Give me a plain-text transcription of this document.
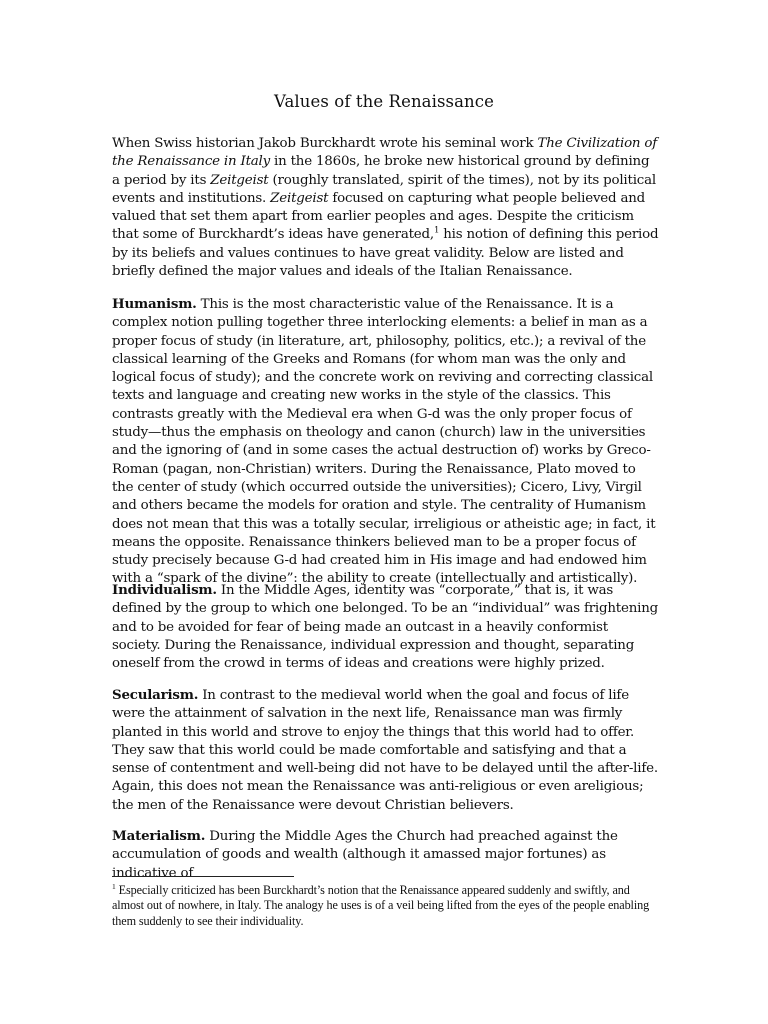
Values of the Renaissance

When Swiss historian Jakob Burckhardt wrote his seminal work The Civilization of the Renaissance in Italy in the 1860s, he broke new historical ground by defining a period by its Zeitgeist (roughly translated, spirit of the times), not by its political events and institutions. Zeitgeist focused on capturing what people believed and valued that set them apart from earlier peoples and ages. Despite the criticism that some of Burckhardt’s ideas have generated,$^1$ his notion of defining this period by its beliefs and values continues to have great validity. Below are listed and briefly defined the major values and ideals of the Italian Renaissance.

Humanism. This is the most characteristic value of the Renaissance. It is a complex notion pulling together three interlocking elements: a belief in man as a proper focus of study (in literature, art, philosophy, politics, etc.); a revival of the classical learning of the Greeks and Romans (for whom man was the only and logical focus of study); and the concrete work on reviving and correcting classical texts and language and creating new works in the style of the classics. This contrasts greatly with the Medieval era when G-d was the only proper focus of study—thus the emphasis on theology and canon (church) law in the universities and the ignoring of (and in some cases the actual destruction of) works by Greco-Roman (pagan, non-Christian) writers. During the Renaissance, Plato moved to the center of study (which occurred outside the universities); Cicero, Livy, Virgil and others became the models for oration and style. The centrality of Humanism does not mean that this was a totally secular, irreligious or atheistic age; in fact, it means the opposite. Renaissance thinkers believed man to be a proper focus of study precisely because G-d had created him in His image and had endowed him with a “spark of the divine”: the ability to create (intellectually and artistically).

Individualism. In the Middle Ages, identity was “corporate,” that is, it was defined by the group to which one belonged. To be an “individual” was frightening and to be avoided for fear of being made an outcast in a heavily conformist society. During the Renaissance, individual expression and thought, separating oneself from the crowd in terms of ideas and creations were highly prized.

Secularism. In contrast to the medieval world when the goal and focus of life were the attainment of salvation in the next life, Renaissance man was firmly planted in this world and strove to enjoy the things that this world had to offer. They saw that this world could be made comfortable and satisfying and that a sense of contentment and well-being did not have to be delayed until the after-life. Again, this does not mean the Renaissance was anti-religious or even areligious; the men of the Renaissance were devout Christian believers.

Materialism. During the Middle Ages the Church had preached against the accumulation of goods and wealth (although it amassed major fortunes) as indicative of

$^1$ Especially criticized has been Burckhardt’s notion that the Renaissance appeared suddenly and swiftly, and almost out of nowhere, in Italy. The analogy he uses is of a veil being lifted from the eyes of the people enabling them suddenly to see their individuality.
